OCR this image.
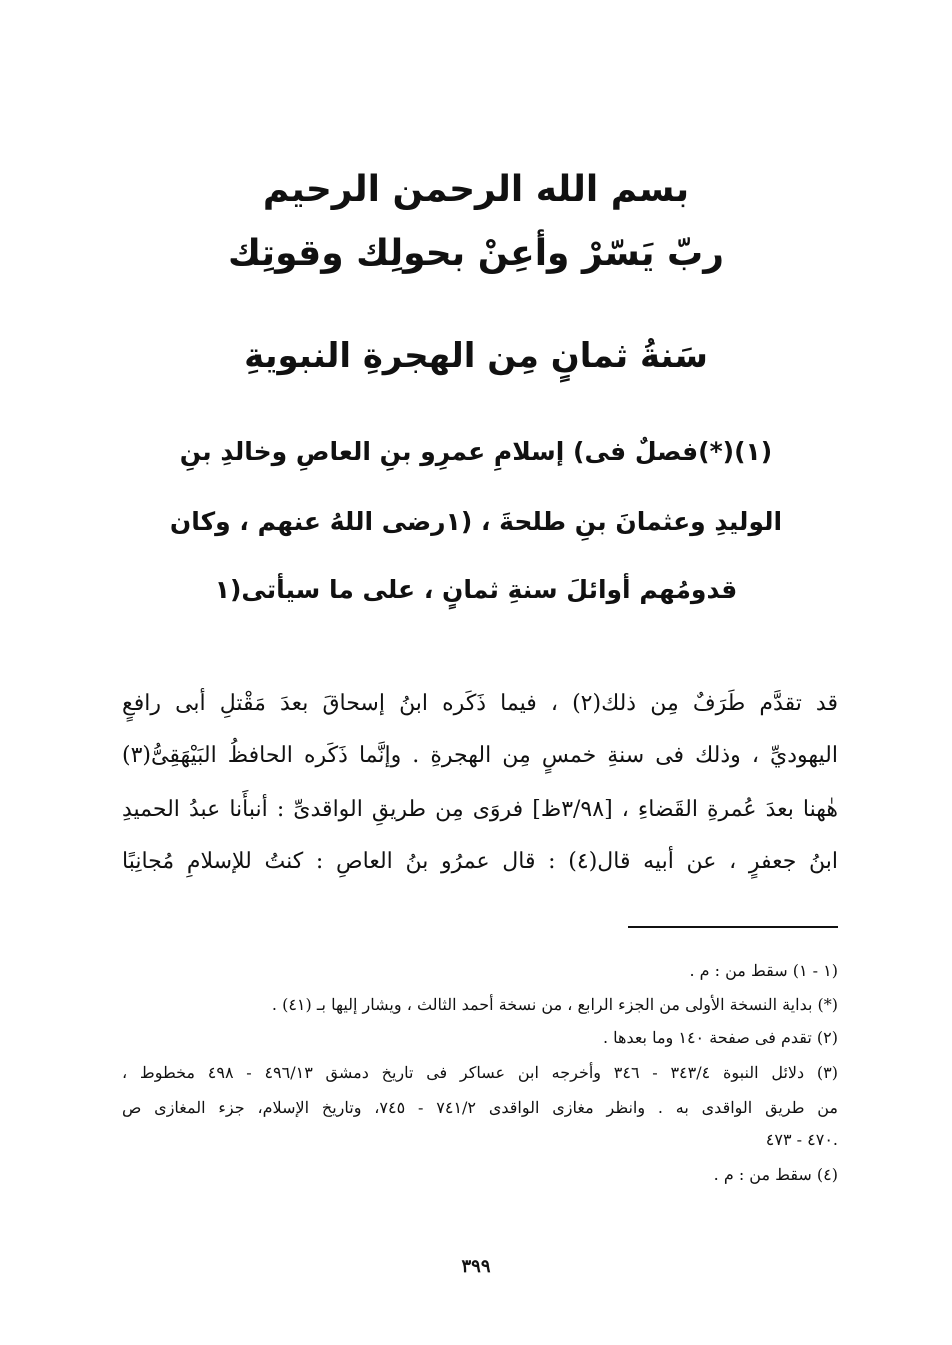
بسم الله الرحمن الرحيم
ربّ يَسّرْ وأعِنْ بحولِك وقوتِك
سَنةُ ثمانٍ مِن الهجرةِ النبويةِ
(١)(*)فصلٌ فى) إسلامِ عمرِو بنِ العاصِ وخالدِ بنِ
الوليدِ وعثمانَ بنِ طلحةَ ، (١رضى اللهُ عنهم ، وكان
قدومُهم أوائلَ سنةِ ثمانٍ ، على ما سيأتى(١
قد تقدَّم طَرَفٌ مِن ذلك(٢) ، فيما ذَكَره ابنُ إسحاقَ بعدَ مَقْتلِ أبى رافعٍ
اليهوديِّ ، وذلك فى سنةِ خمسٍ مِن الهجرةِ . وإنَّما ذَكَره الحافظُ البَيْهَقِىُّ(٣)
هٰهنا بعدَ عُمرةِ القَضاءِ ، [٣/٩٨ظ] فروَى مِن طريقِ الواقدىِّ : أنبأَنا عبدُ الحميدِ
ابنُ جعفرٍ ، عن أبيه قال(٤) : قال عمرُو بنُ العاصِ : كنتُ للإسلامِ مُجانِبًا
(١ - ١) سقط من : م .
(*) بداية النسخة الأولى من الجزء الرابع ، من نسخة أحمد الثالث ، ويشار إليها بـ (٤١) .
(٢) تقدم فى صفحة ١٤٠ وما بعدها .
(٣) دلائل النبوة ٣٤٣/٤ - ٣٤٦ وأخرجه ابن عساكر فى تاريخ دمشق ٤٩٦/١٣ - ٤٩٨ مخطوط ،
من طريق الواقدى به . وانظر مغازى الواقدى ٧٤١/٢ - ٧٤٥، وتاريخ الإسلام، جزء المغازى ص
٤٧٠ - ٤٧٣.
(٤) سقط من : م .
٣٩٩
